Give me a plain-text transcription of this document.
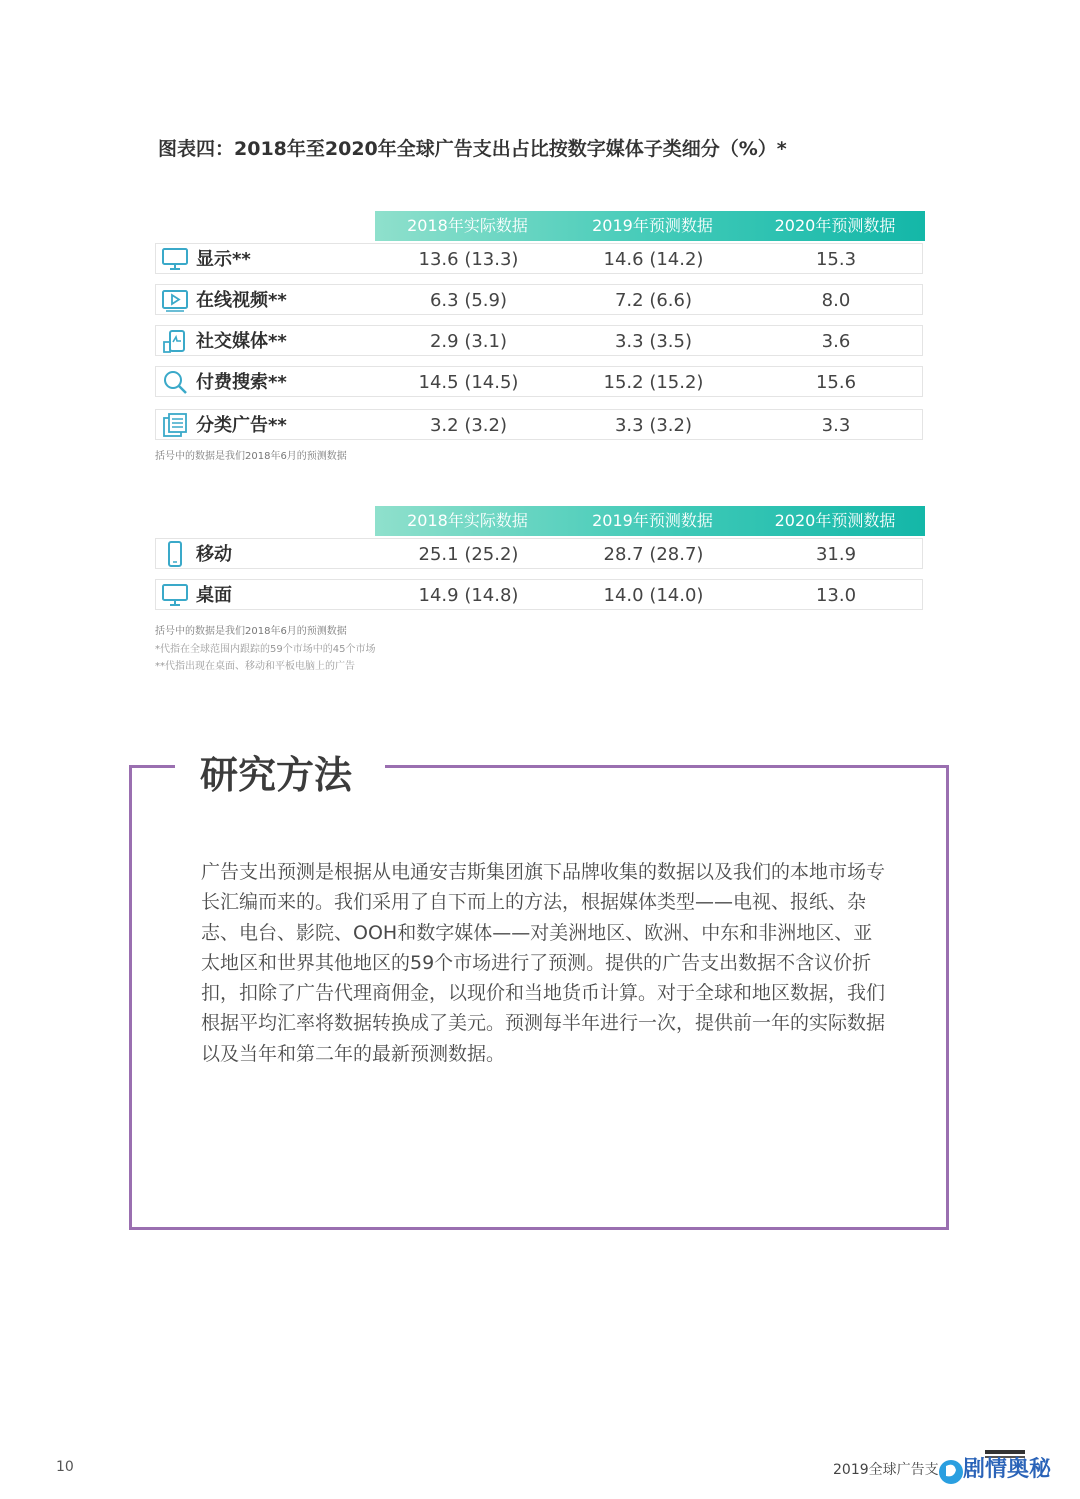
图表四：2018年至2020年全球广告支出占比按数字媒体子类细分（%）*
2018年实际数据	2019年预测数据	2020年预测数据
显示**	13.6 (13.3)	14.6 (14.2)	15.3
在线视频**	6.3 (5.9)	7.2 (6.6)	8.0
社交媒体**	2.9 (3.1)	3.3 (3.5)	3.6
付费搜索**	14.5 (14.5)	15.2 (15.2)	15.6
分类广告**	3.2 (3.2)	3.3 (3.2)	3.3
括号中的数据是我们2018年6月的预测数据
2018年实际数据	2019年预测数据	2020年预测数据
移动	25.1 (25.2)	28.7 (28.7)	31.9
桌面	14.9 (14.8)	14.0 (14.0)	13.0
括号中的数据是我们2018年6月的预测数据
*代指在全球范围内跟踪的59个市场中的45个市场
**代指出现在桌面、移动和平板电脑上的广告
研究方法
广告支出预测是根据从电通安吉斯集团旗下品牌收集的数据以及我们的本地市场专长汇编而来的。我们采用了自下而上的方法，根据媒体类型——电视、报纸、杂志、电台、影院、OOH和数字媒体——对美洲地区、欧洲、中东和非洲地区、亚太地区和世界其他地区的59个市场进行了预测。提供的广告支出数据不含议价折扣，扣除了广告代理商佣金，以现价和当地货币计算。对于全球和地区数据，我们根据平均汇率将数据转换成了美元。预测每半年进行一次，提供前一年的实际数据以及当年和第二年的最新预测数据。
10	2019全球广告支 剧情奥秘
